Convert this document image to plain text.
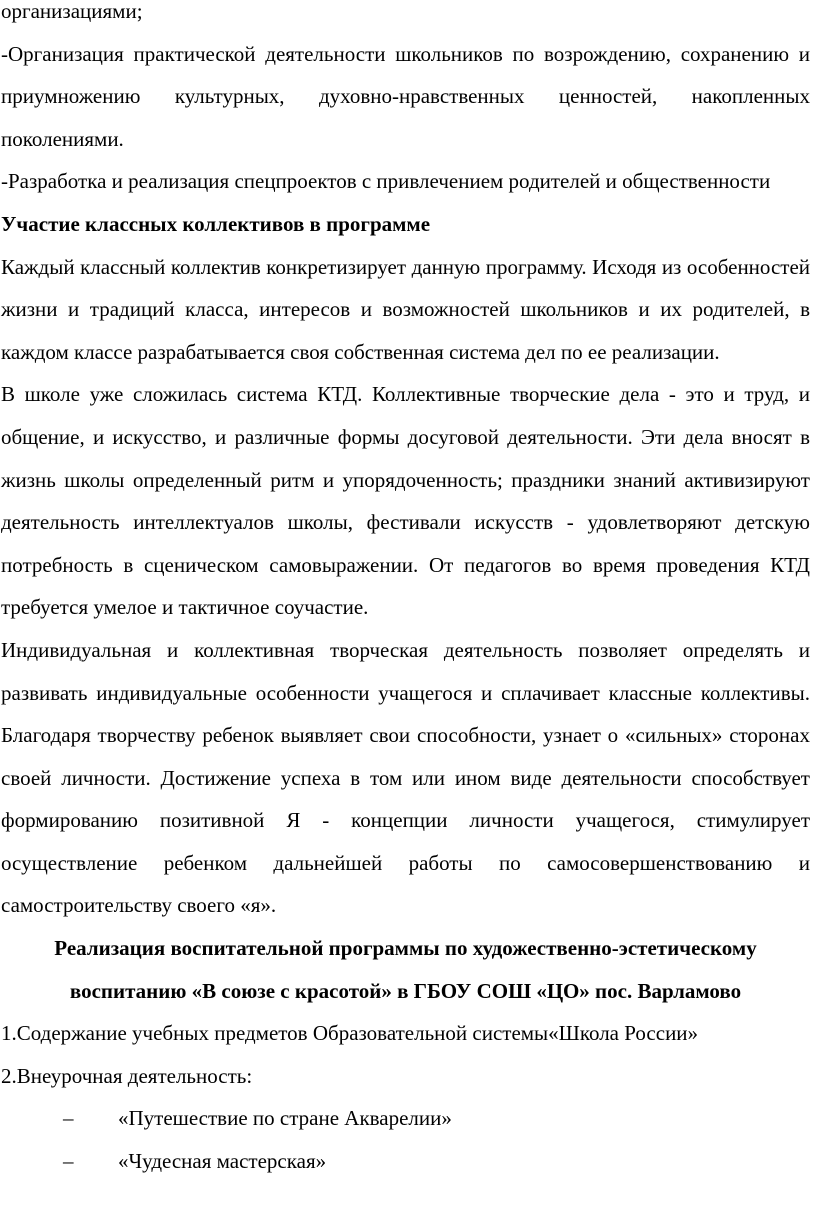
организациями;

-Организация практической деятельности школьников по возрождению, сохранению и приумножению культурных, духовно-нравственных ценностей, накопленных поколениями.

-Разработка и реализация спецпроектов с привлечением родителей и общественности

Участие классных коллективов в программе

Каждый классный коллектив конкретизирует данную программу. Исходя из особенностей жизни и традиций класса, интересов и возможностей школьников и их родителей, в каждом классе разрабатывается своя собственная система дел по ее реализации.

В школе уже сложилась система КТД. Коллективные творческие дела - это и труд, и общение, и искусство, и различные формы досуговой деятельности. Эти дела вносят в жизнь школы определенный ритм и упорядоченность; праздники знаний активизируют деятельность интеллектуалов школы, фестивали искусств - удовлетворяют детскую потребность в сценическом самовыражении. От педагогов во время проведения КТД требуется умелое и тактичное соучастие.

Индивидуальная и коллективная творческая деятельность позволяет определять и развивать индивидуальные особенности учащегося и сплачивает классные коллективы. Благодаря творчеству ребенок выявляет свои способности, узнает о «сильных» сторонах своей личности. Достижение успеха в том или ином виде деятельности способствует формированию позитивной Я - концепции личности учащегося, стимулирует осуществление ребенком дальнейшей работы по самосовершенствованию и самостроительству своего «я».

Реализация воспитательной программы по художественно-эстетическому
воспитанию «В союзе с красотой» в ГБОУ СОШ «ЦО» пос. Варламово

1.Содержание учебных предметов Образовательной системы«Школа России»

2.Внеурочная деятельность:

– «Путешествие по стране Акварелии»

– «Чудесная мастерская»
